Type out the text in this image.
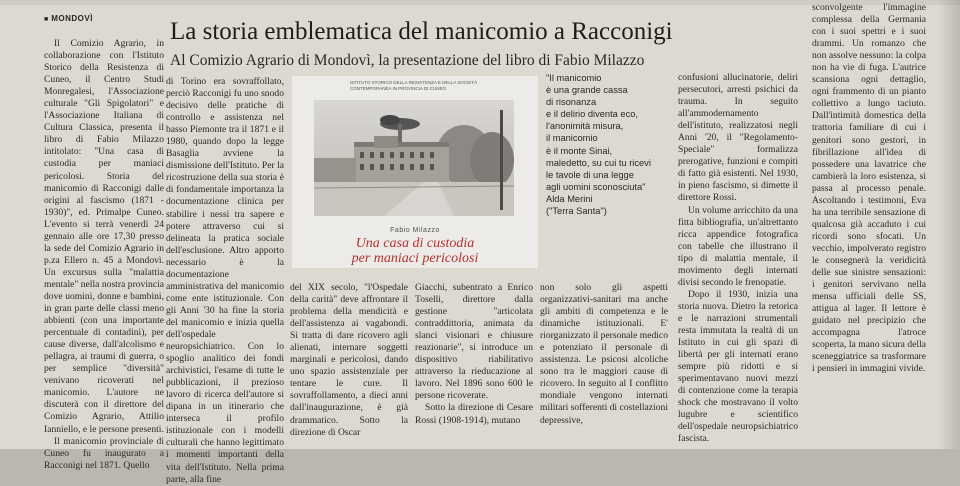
■ MONDOVÌ	La storia emblematica del manicomio a Racconigi
Al Comizio Agrario di Mondovì, la presentazione del libro di Fabio Milazzo

Il Comizio Agrario, in collaborazione con l'Istituto Storico della Resistenza di Cuneo, il Centro Studi Monregalesi, l'Associazione culturale "Gli Spigolatori" e l'Associazione Italiana di Cultura Classica, presenta il libro di Fabio Milazzo intitolato: "Una casa di custodia per maniaci pericolosi. Storia del manicomio di Racconigi dalle origini al fascismo (1871 - 1930)", ed. Primalpe Cuneo. L'evento si terrà venerdì 24 gennaio alle ore 17,30 presso la sede del Comizio Agrario in p.za Ellero n. 45 a Mondovì. Un excursus sulla "malattia mentale" nella nostra provincia dove uomini, donne e bambini, in gran parte delle classi meno abbienti (con una importante percentuale di contadini), per cause diverse, dall'alcolismo e pellagra, ai traumi di guerra, o per semplice "diversità" venivano ricoverati nel manicomio. L'autore ne discuterà con il direttore del Comizio Agrario, Attilio Ianniello, e le persone presenti.

Il manicomio provinciale di Cuneo fu inaugurato a Racconigi nel 1871. Quello

di Torino era sovraffollato, perciò Racconigi fu uno snodo decisivo delle pratiche di controllo e assistenza nel basso Piemonte tra il 1871 e il 1980, quando dopo la legge Basaglia avviene la dismissione dell'Istituto. Per la ricostruzione della sua storia è di fondamentale importanza la documentazione clinica per stabilire i nessi tra sapere e potere attraverso cui si delineata la pratica sociale dell'esclusione. Altro apporto necessario è la documentazione amministrativa del manicomio come ente istituzionale. Con gli Anni '30 ha fine la storia del manicomio e inizia quella dell'ospedale neuropsichiatrico. Con lo spoglio analitico dei fondi archivistici, l'esame di tutte le pubblicazioni, il prezioso lavoro di ricerca dell'autore si dipana in un itinerario che interseca il profilo istituzionale con i modelli culturali che hanno legittimato i momenti importanti della vita dell'Istituto. Nella prima parte, alla fine

ISTITUTO STORICO DELLA RESISTENZA E DELLA SOCIETÀ CONTEMPORANEA IN PROVINCIA DI CUNEO
Fabio Milazzo
Una casa di custodia
per maniaci pericolosi
"Il manicomio
è una grande cassa
di risonanza
e il delirio diventa eco,
l'anonimità misura,
il manicomio
è il monte Sinai,
maledetto, su cui tu ricevi
le tavole di una legge
agli uomini sconosciuta"
Alda Merini
("Terra Santa")

del XIX secolo, "l'Ospedale della carità" deve affrontare il problema della mendicità e dell'assistenza ai vagabondi. Si tratta di dare ricovero agli alienati, internare soggetti marginali e pericolosi, dando uno spazio assistenziale per tentare le cure. Il sovraffollamento, a dieci anni dall'inaugurazione, è già drammatico. Sotto la direzione di Oscar

Giacchi, subentrato a Enrico Toselli, direttore dalla gestione "articolata contraddittoria, animata da slanci visionari e chiusure reazionarie", si introduce un dispositivo riabilitativo attraverso la rieducazione al lavoro. Nel 1896 sono 600 le persone ricoverate.

Sotto la direzione di Cesare Rossi (1908-1914), mutano

non solo gli aspetti organizzativi-sanitari ma anche gli ambiti di competenza e le dinamiche istituzionali. E' riorganizzato il personale medico e potenziato il personale di assistenza. Le psicosi alcoliche sono tra le maggiori cause di ricovero. In seguito al I conflitto mondiale vengono internati militari sofferenti di costellazioni depressive,

confusioni allucinatorie, deliri persecutori, arresti psichici da trauma. In seguito all'ammodernamento dell'istituto, realizzatosi negli Anni '20, il "Regolamento-Speciale" formalizza prerogative, funzioni e compiti di fatto già esistenti. Nel 1930, in pieno fascismo, si dimette il direttore Rossi.

Un volume arricchito da una fitta bibliografia, un'altrettanto ricca appendice fotografica con tabelle che illustrano il tipo di malattia mentale, il movimento degli internati divisi secondo le frenopatie.

Dopo il 1930, inizia una storia nuova. Dietro la retorica e le narrazioni strumentali resta immutata la realtà di un Istituto in cui gli spazi di libertà per gli internati erano sempre più ridotti e si sperimentavano nuovi mezzi di contenzione come la terapia shock che mostravano il volto lugubre e scientifico dell'ospedale neuropsichiatrico fascista.

sconvolgente l'immagine complessa della Germania con i suoi spettri e i suoi drammi. Un romanzo che non assolve nessuno: la colpa non ha vie di fuga. L'autrice scansiona ogni dettaglio, ogni frammento di un pianto collettivo a lungo taciuto. Dall'intimità domestica della trattoria familiare di cui i genitori sono gestori, in fibrillazione all'idea di possedere una lavatrice che cambierà la loro esistenza, si passa al processo penale. Ascoltando i testimoni, Eva ha una terribile sensazione di qualcosa già accaduto i cui ricordi sono sfocati. Un vecchio, impolverato registro le consegnerà la veridicità delle sue sinistre sensazioni: i genitori servivano nella mensa ufficiali delle SS, attigua al lager. Il lettore è guidato nel precipizio che accompagna l'atroce scoperta, la mano sicura della sceneggiatrice sa trasformare i pensieri in immagini vivide.
